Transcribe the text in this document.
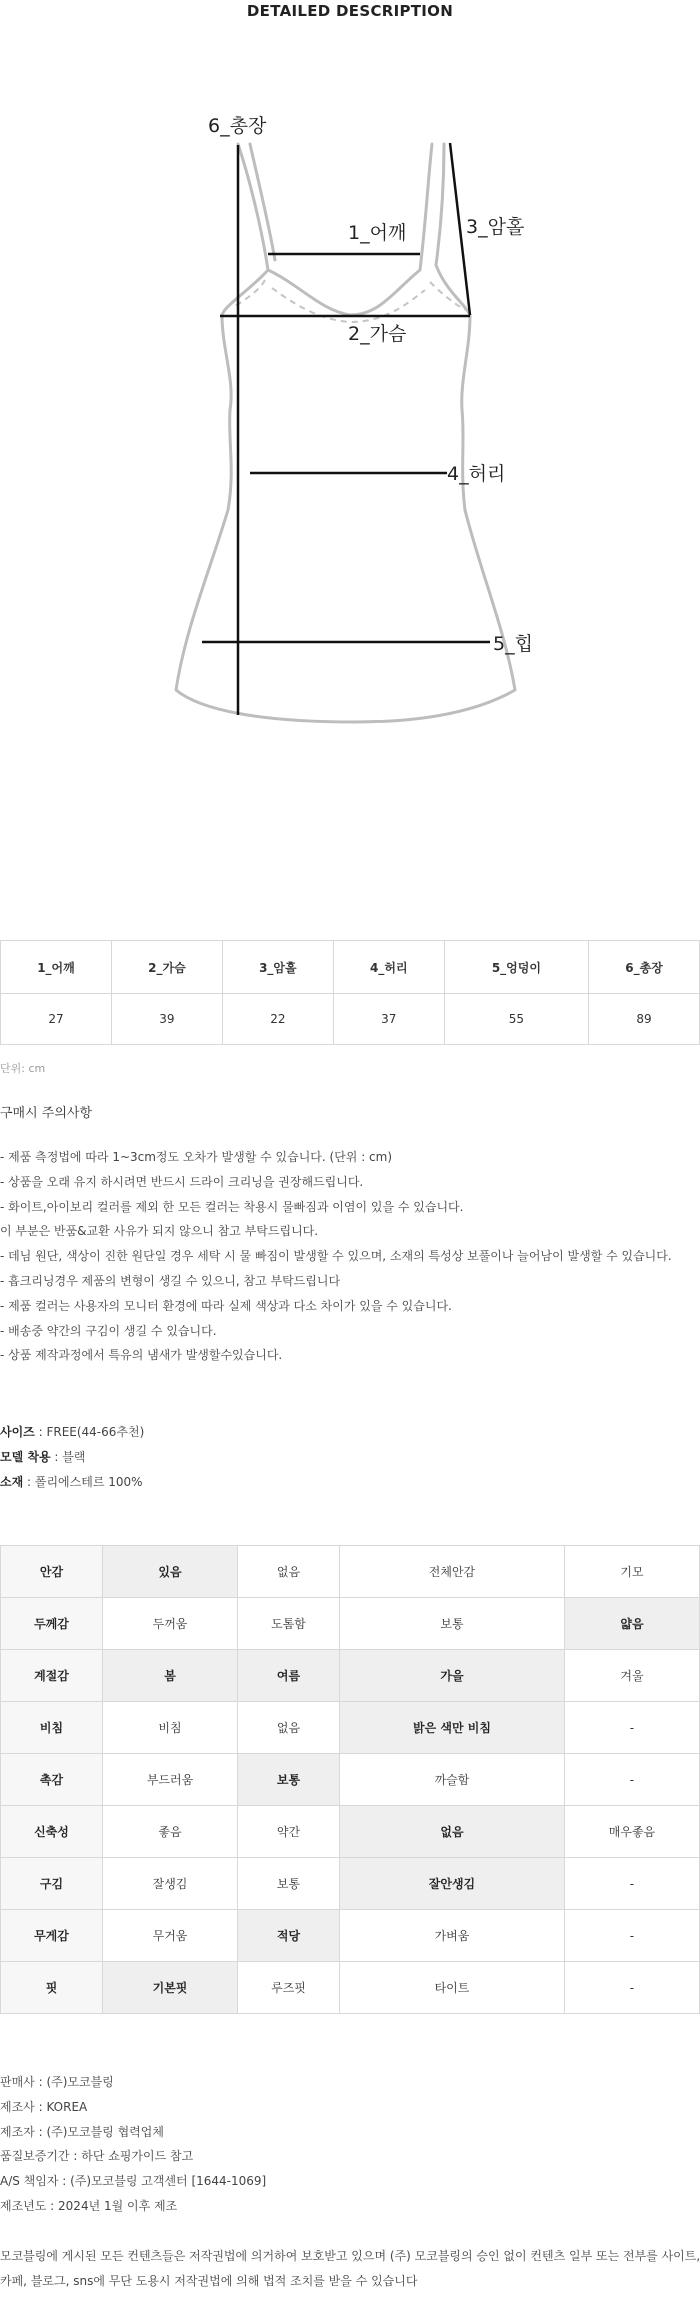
DETAILED DESCRIPTION
6_총장
1_어깨	3_암홀
2_가슴
4_허리
5_힙
1_어깨	2_가슴	3_암홀	4_허리	5_엉덩이	6_총장
27	39	22	37	55	89
단위: cm
구매시 주의사항
- 제품 측정법에 따라 1~3cm정도 오차가 발생할 수 있습니다. (단위 : cm)
- 상품을 오래 유지 하시려면 반드시 드라이 크리닝을 권장해드립니다.
- 화이트,아이보리 컬러를 제외 한 모든 컬러는 착용시 물빠짐과 이염이 있을 수 있습니다.
이 부분은 반품&교환 사유가 되지 않으니 참고 부탁드립니다.
- 데님 원단, 색상이 진한 원단일 경우 세탁 시 물 빠짐이 발생할 수 있으며, 소재의 특성상 보풀이나 늘어남이 발생할 수 있습니다.
- 흡크리닝경우 제품의 변형이 생길 수 있으니, 참고 부탁드립니다
- 제품 컬러는 사용자의 모니터 환경에 따라 실제 색상과 다소 차이가 있을 수 있습니다.
- 배송중 약간의 구김이 생길 수 있습니다.
- 상품 제작과정에서 특유의 냄새가 발생할수있습니다.
사이즈 : FREE(44-66추천)
모델 착용 : 블랙
소재 : 폴리에스테르 100%
안감	있음	없음	전체안감	기모
두께감	두꺼움	도톰함	보통	얇음
계절감	봄	여름	가을	겨울
비침	비침	없음	밝은 색만 비침	-
촉감	부드러움	보통	까슬함	-
신축성	좋음	약간	없음	매우좋음
구김	잘생김	보통	잘안생김	-
무게감	무거움	적당	가벼움	-
핏	기본핏	루즈핏	타이트	-
판매사 : (주)모코블링
제조사 : KOREA
제조자 : (주)모코블링 협력업체
품질보증기간 : 하단 쇼핑가이드 참고
A/S 책임자 : (주)모코블링 고객센터 [1644-1069]
제조년도 : 2024년 1월 이후 제조
모코블링에 게시된 모든 컨텐츠들은 저작권법에 의거하여 보호받고 있으며 (주) 모코블링의 승인 없이 컨텐츠 일부 또는 전부를 사이트,
카페, 블로그, sns에 무단 도용시 저작권법에 의해 법적 조치를 받을 수 있습니다
